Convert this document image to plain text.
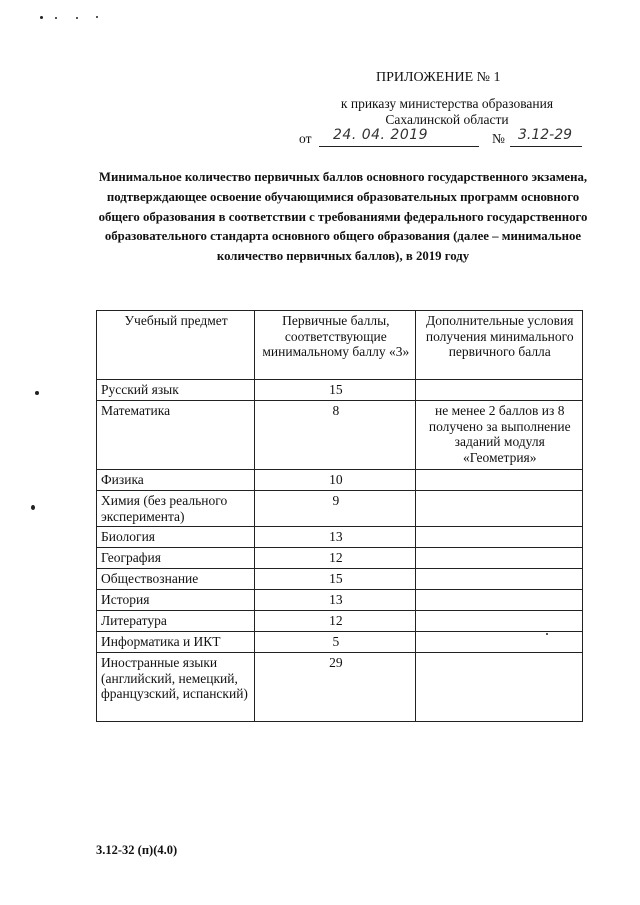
ПРИЛОЖЕНИЕ № 1
к приказу министерства образования
Сахалинской области
от 24. 04. 2019	№ 3.12-29
Минимальное количество первичных баллов основного государственного экзамена, подтверждающее освоение обучающимися образовательных программ основного общего образования в соответствии с требованиями федерального государственного образовательного стандарта основного общего образования (далее – минимальное количество первичных баллов), в 2019 году
Учебный предмет	Первичные баллы, соответствующие минимальному баллу «3»	Дополнительные условия получения минимального первичного балла
Русский язык	15	
Математика	8	не менее 2 баллов из 8 получено за выполнение заданий модуля «Геометрия»
Физика	10	
Химия (без реального эксперимента)	9	
Биология	13	
География	12	
Обществознание	15	
История	13	
Литература	12	
Информатика и ИКТ	5	
Иностранные языки (английский, немецкий, французский, испанский)	29	
3.12-32 (п)(4.0)
